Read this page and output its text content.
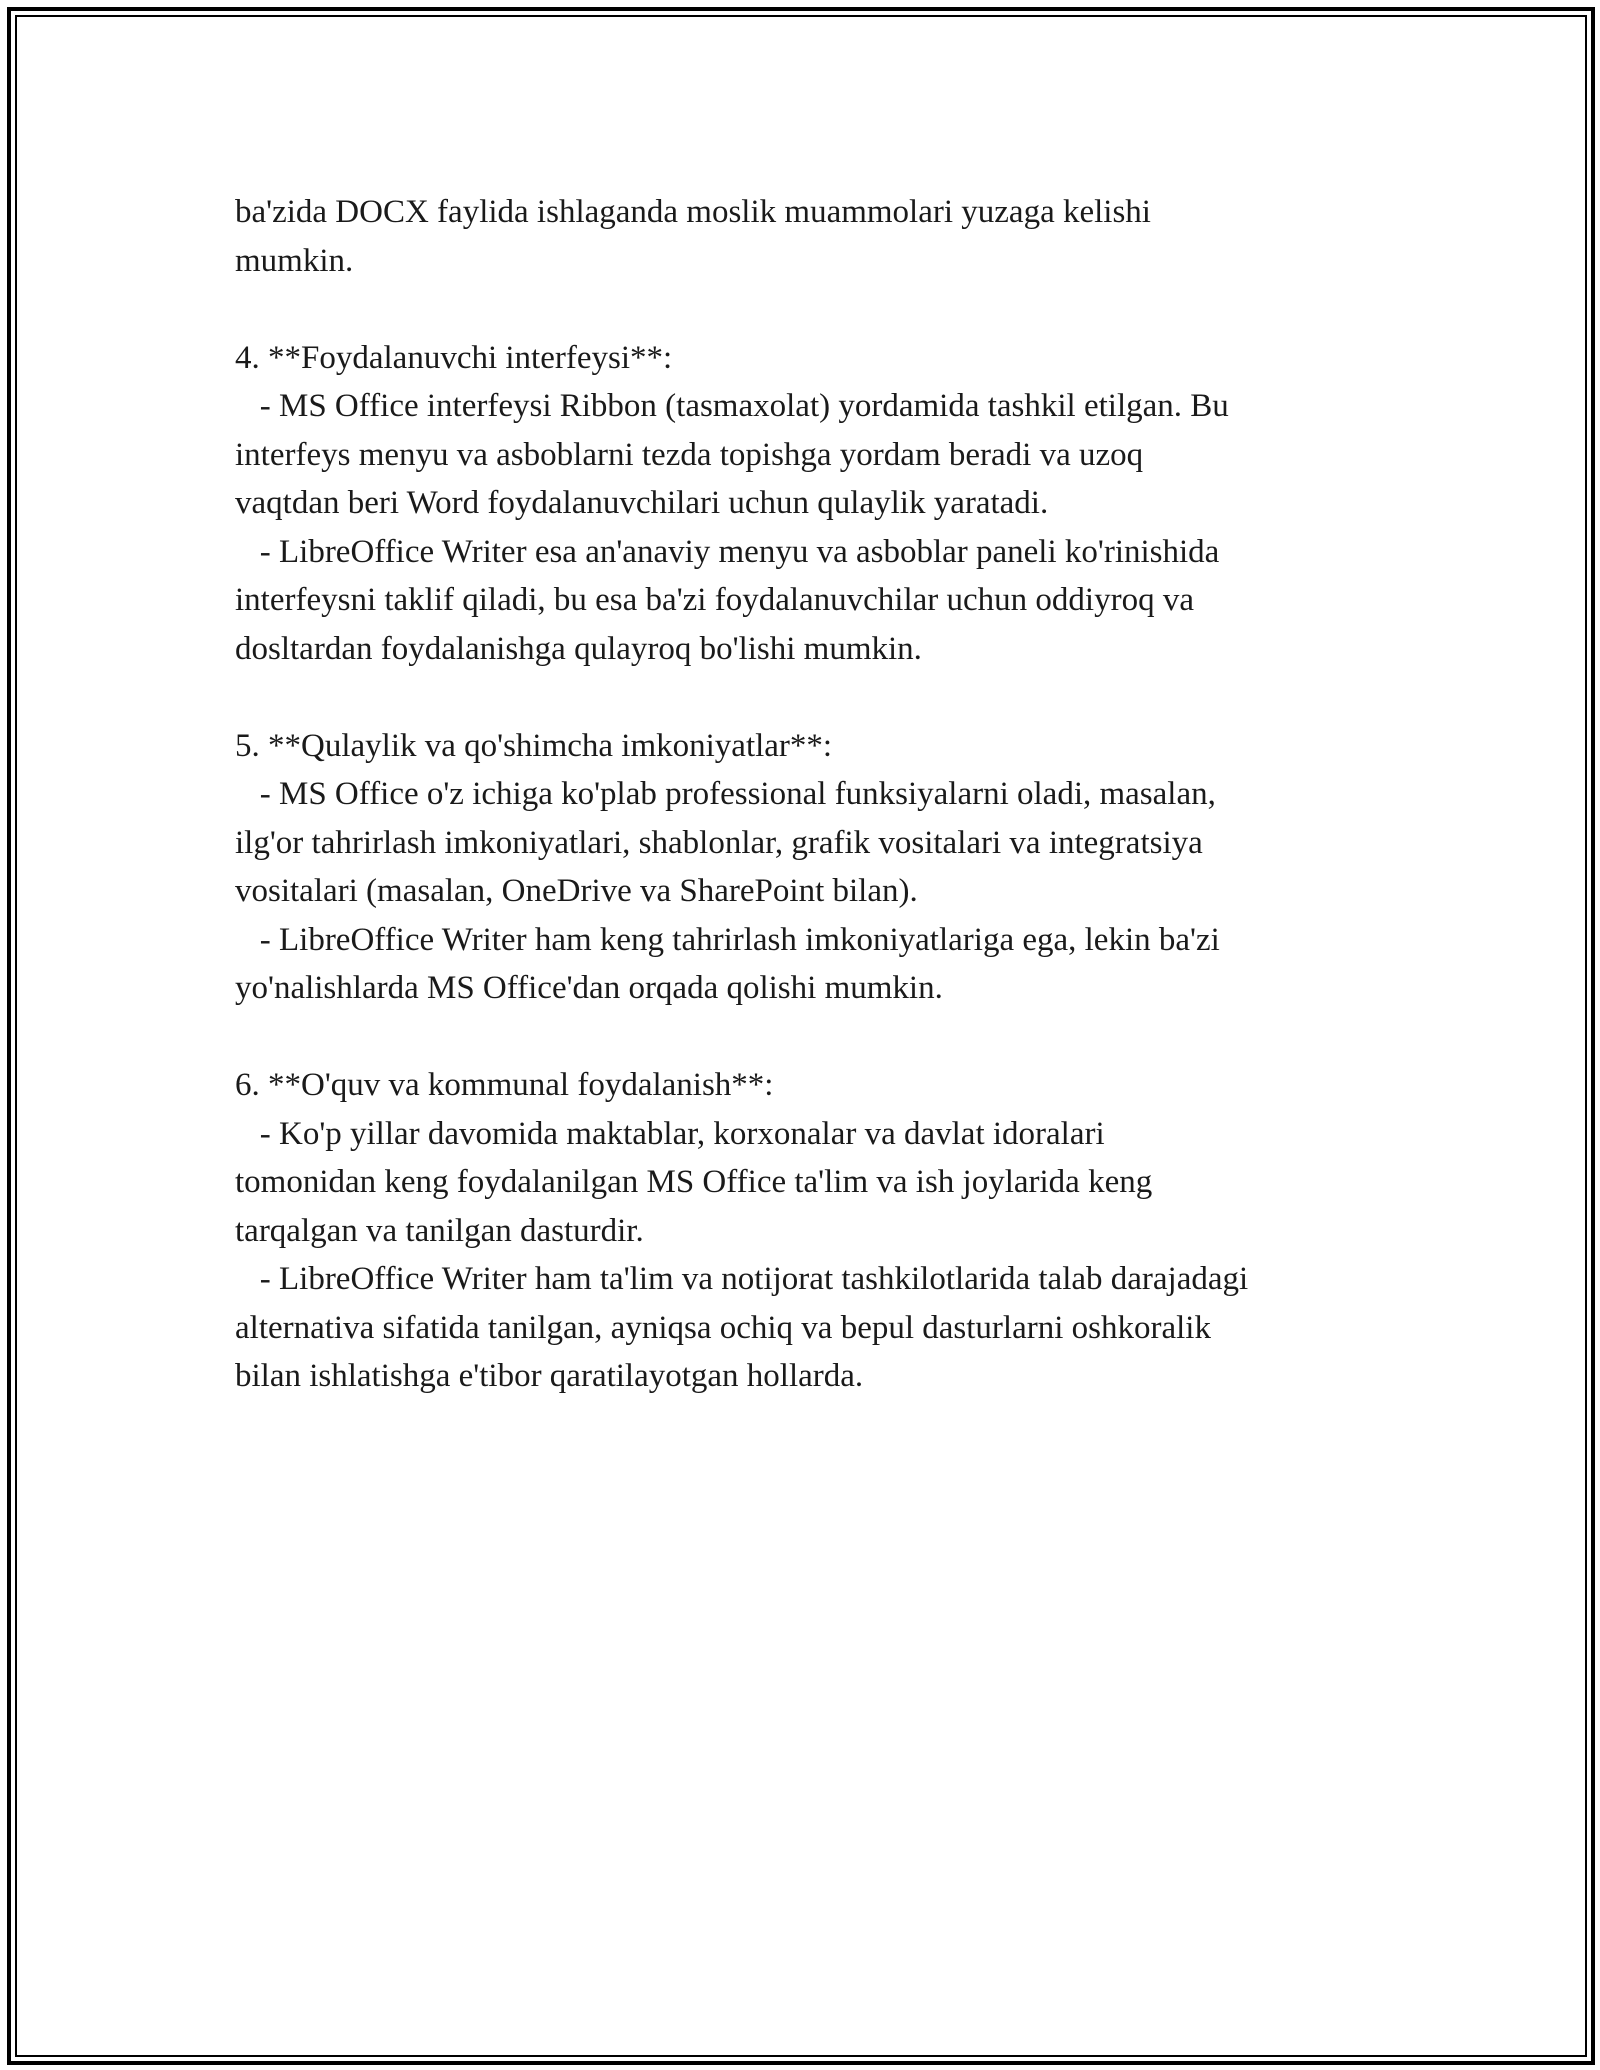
ba'zida DOCX faylida ishlaganda moslik muammolari yuzaga kelishi
mumkin.
4. **Foydalanuvchi interfeysi**:
- MS Office interfeysi Ribbon (tasmaxolat) yordamida tashkil etilgan. Bu
interfeys menyu va asboblarni tezda topishga yordam beradi va uzoq
vaqtdan beri Word foydalanuvchilari uchun qulaylik yaratadi.
- LibreOffice Writer esa an'anaviy menyu va asboblar paneli ko'rinishida
interfeysni taklif qiladi, bu esa ba'zi foydalanuvchilar uchun oddiyroq va
dosltardan foydalanishga qulayroq bo'lishi mumkin.
5. **Qulaylik va qo'shimcha imkoniyatlar**:
- MS Office o'z ichiga ko'plab professional funksiyalarni oladi, masalan,
ilg'or tahrirlash imkoniyatlari, shablonlar, grafik vositalari va integratsiya
vositalari (masalan, OneDrive va SharePoint bilan).
- LibreOffice Writer ham keng tahrirlash imkoniyatlariga ega, lekin ba'zi
yo'nalishlarda MS Office'dan orqada qolishi mumkin.
6. **O'quv va kommunal foydalanish**:
- Ko'p yillar davomida maktablar, korxonalar va davlat idoralari
tomonidan keng foydalanilgan MS Office ta'lim va ish joylarida keng
tarqalgan va tanilgan dasturdir.
- LibreOffice Writer ham ta'lim va notijorat tashkilotlarida talab darajadagi
alternativa sifatida tanilgan, ayniqsa ochiq va bepul dasturlarni oshkoralik
bilan ishlatishga e'tibor qaratilayotgan hollarda.
